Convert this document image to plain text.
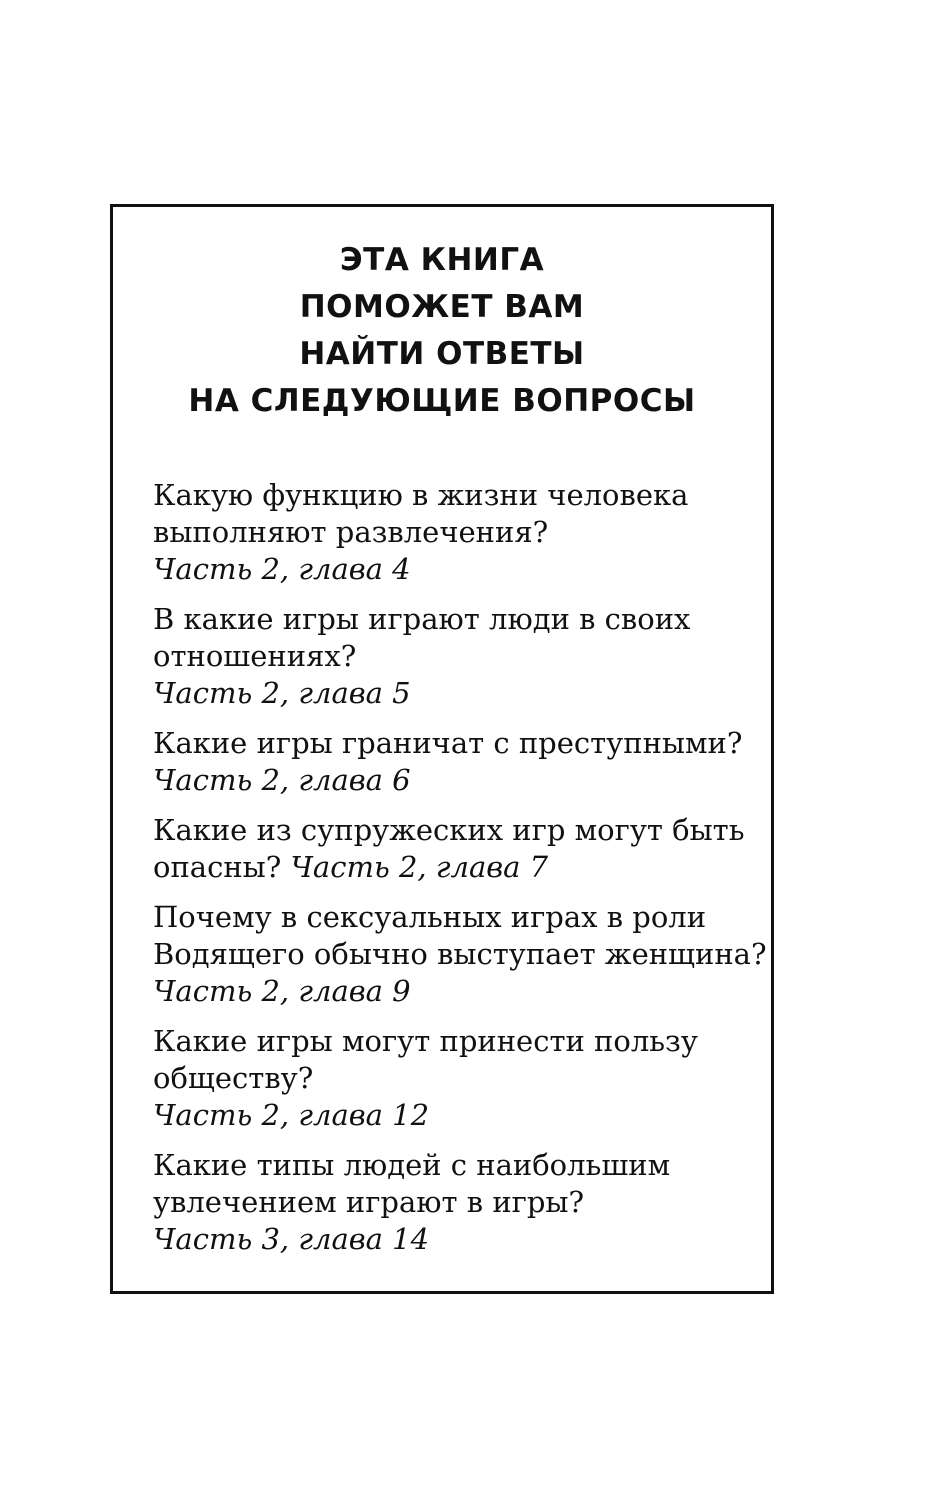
ЭТА КНИГА
ПОМОЖЕТ ВАМ
НАЙТИ ОТВЕТЫ
НА СЛЕДУЮЩИЕ ВОПРОСЫ
Какую функцию в жизни человека
выполняют развлечения?
Часть 2, глава 4
В какие игры играют люди в своих
отношениях?
Часть 2, глава 5
Какие игры граничат с преступными?
Часть 2, глава 6
Какие из супружеских игр могут быть
опасны? Часть 2, глава 7
Почему в сексуальных играх в роли
Водящего обычно выступает женщина?
Часть 2, глава 9
Какие игры могут принести пользу
обществу?
Часть 2, глава 12
Какие типы людей с наибольшим
увлечением играют в игры?
Часть 3, глава 14
